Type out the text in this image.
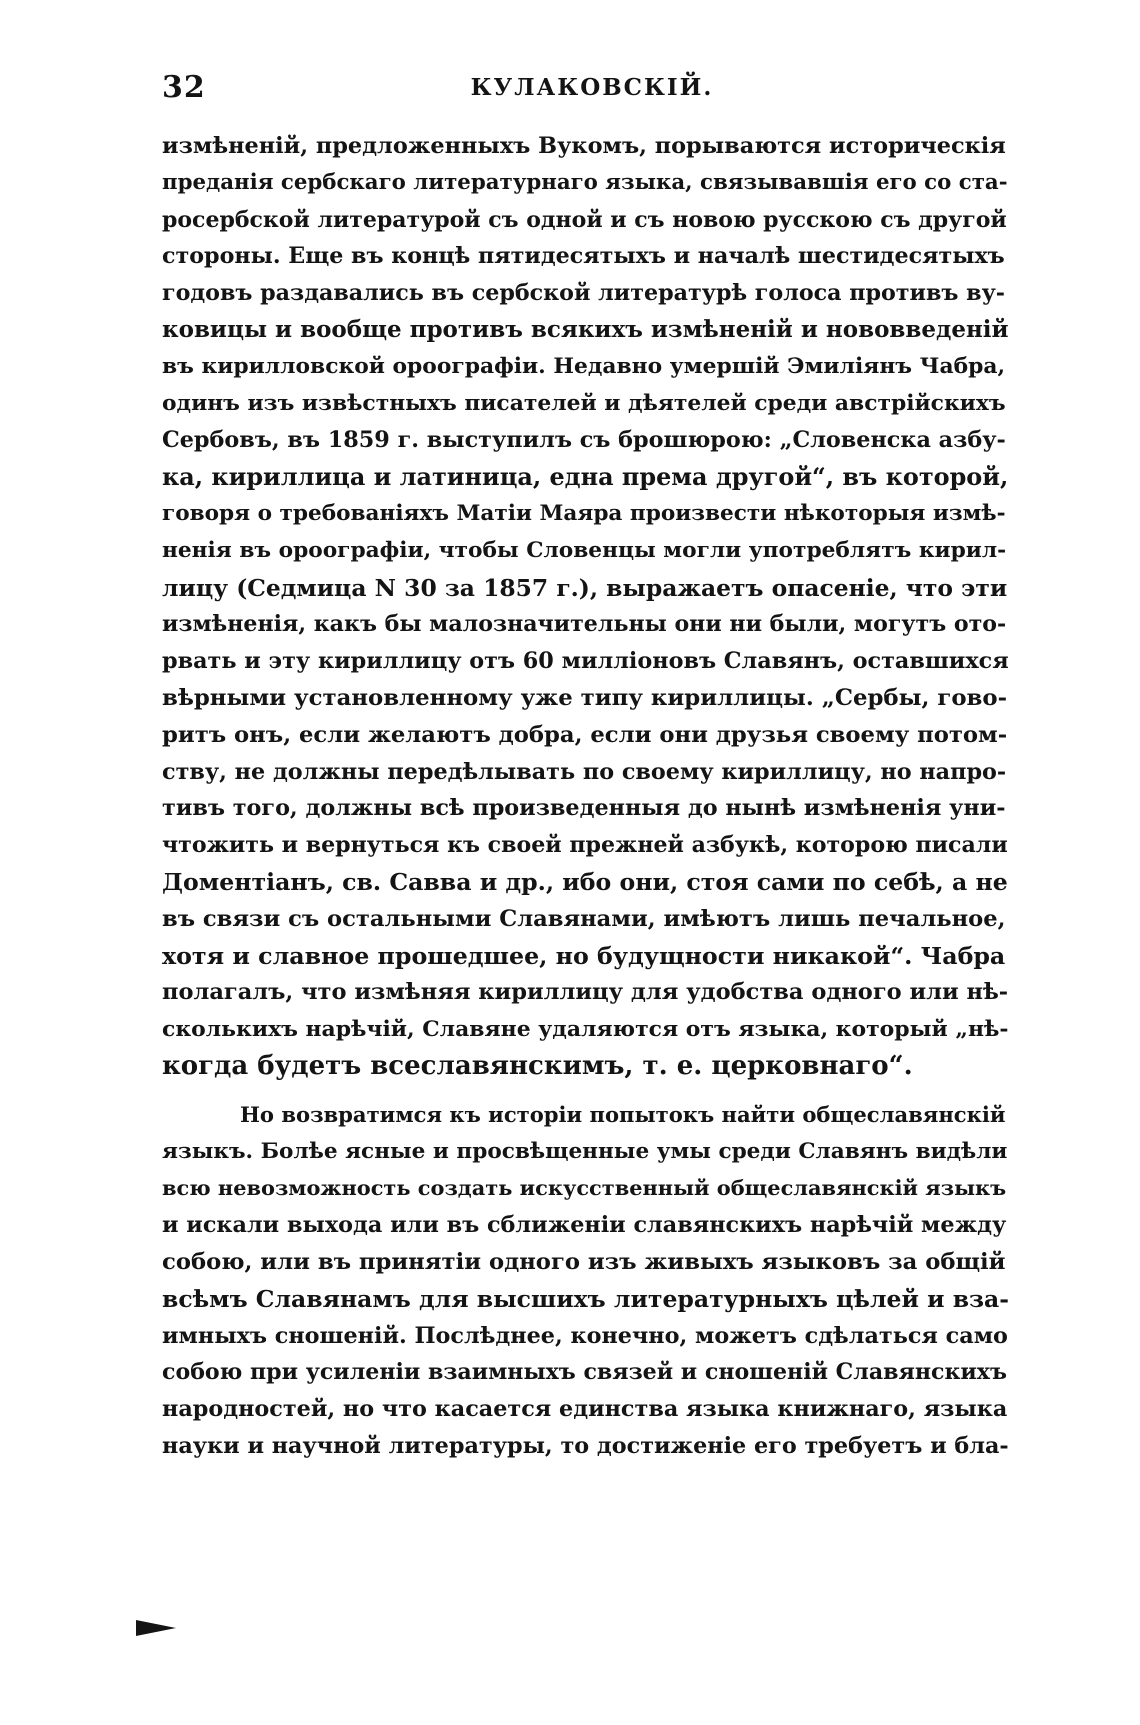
32	КУЛАКОВСКІЙ.
измѣненій, предложенныхъ Вукомъ, порываются историческія
преданія сербскаго литературнаго языка, связывавшія его со ста-
росербской литературой съ одной и съ новою русскою съ другой
стороны. Еще въ концѣ пятидесятыхъ и началѣ шестидесятыхъ
годовъ раздавались въ сербской литературѣ голоса противъ ву-
ковицы и вообще противъ всякихъ измѣненій и нововведеній
въ кирилловской ороографіи. Недавно умершій Эмиліянъ Чабра,
одинъ изъ извѣстныхъ писателей и дѣятелей среди австрійскихъ
Сербовъ, въ 1859 г. выступилъ съ брошюрою: „Словенска азбу-
ка, кириллица и латиница, една према другой“, въ которой,
говоря о требованіяхъ Матіи Маяра произвести нѣкоторыя измѣ-
ненія въ ороографіи, чтобы Словенцы могли употреблятъ кирил-
лицу (Седмица N 30 за 1857 г.), выражаетъ опасеніе, что эти
измѣненія, какъ бы малозначительны они ни были, могутъ ото-
рвать и эту кириллицу отъ 60 милліоновъ Славянъ, оставшихся
вѣрными установленному уже типу кириллицы. „Сербы, гово-
ритъ онъ, если желаютъ добра, если они друзья своему потом-
ству, не должны передѣлывать по своему кириллицу, но напро-
тивъ того, должны всѣ произведенныя до нынѣ измѣненія уни-
чтожить и вернуться къ своей прежней азбукѣ, которою писали
Доментіанъ, св. Савва и др., ибо они, стоя сами по себѣ, а не
въ связи съ остальными Славянами, имѣютъ лишь печальное,
хотя и славное прошедшее, но будущности никакой“. Чабра
полагалъ, что измѣняя кириллицу для удобства одного или нѣ-
сколькихъ нарѣчій, Славяне удаляются отъ языка, который „нѣ-
когда будетъ всеславянскимъ, т. е. церковнаго“.
Но возвратимся къ исторіи попытокъ найти общеславянскій
языкъ. Болѣе ясные и просвѣщенные умы среди Славянъ видѣли
всю невозможность создать искусственный общеславянскій языкъ
и искали выхода или въ сближеніи славянскихъ нарѣчій между
собою, или въ принятіи одного изъ живыхъ языковъ за общій
всѣмъ Славянамъ для высшихъ литературныхъ цѣлей и вза-
имныхъ сношеній. Послѣднее, конечно, можетъ сдѣлаться само
собою при усиленіи взаимныхъ связей и сношеній Славянскихъ
народностей, но что касается единства языка книжнаго, языка
науки и научной литературы, то достиженіе его требуетъ и бла-
